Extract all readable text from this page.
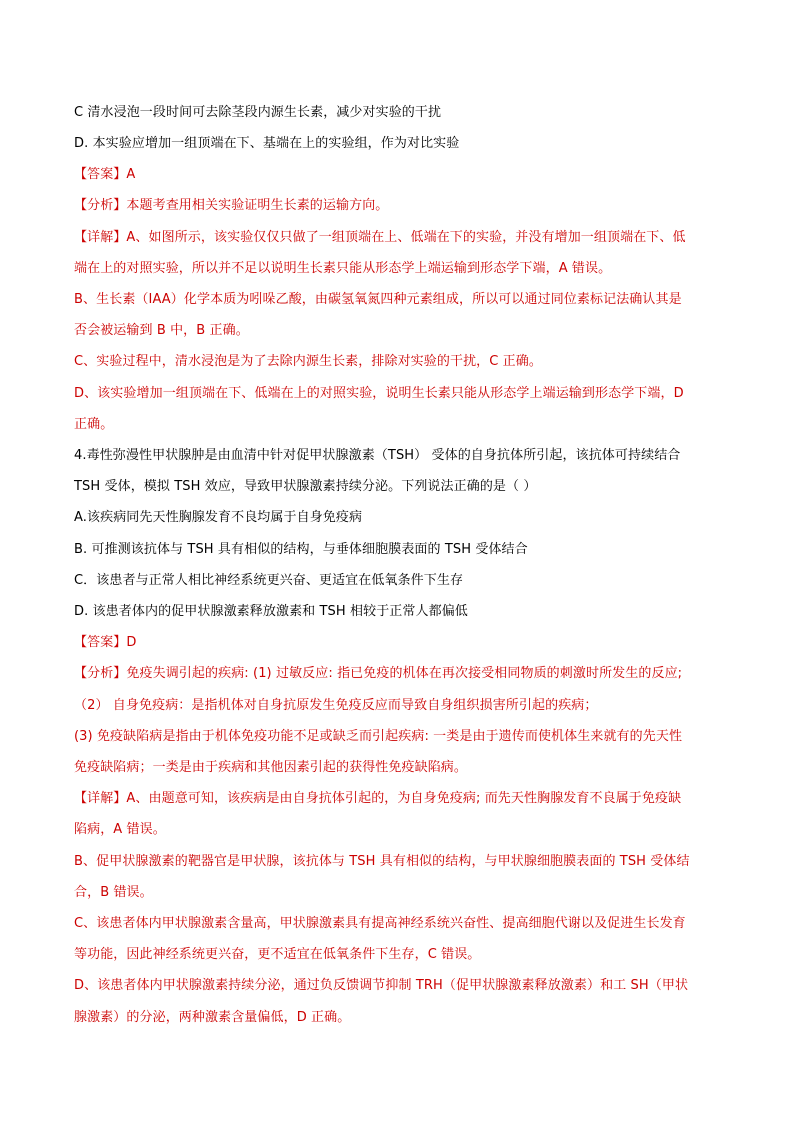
C 清水浸泡一段时间可去除茎段内源生长素，减少对实验的干扰
D. 本实验应增加一组顶端在下、基端在上的实验组，作为对比实验
【答案】A
【分析】本题考查用相关实验证明生长素的运输方向。
【详解】A、如图所示，该实验仅仅只做了一组顶端在上、低端在下的实验，并没有增加一组顶端在下、低
端在上的对照实验，所以并不足以说明生长素只能从形态学上端运输到形态学下端，A 错误。
B、生长素（IAA）化学本质为吲哚乙酸，由碳氢氧氮四种元素组成，所以可以通过同位素标记法确认其是
否会被运输到 B 中，B 正确。
C、实验过程中，清水浸泡是为了去除内源生长素，排除对实验的干扰，C 正确。
D、该实验增加一组顶端在下、低端在上的对照实验，说明生长素只能从形态学上端运输到形态学下端，D
正确。
4.毒性弥漫性甲状腺肿是由血清中针对促甲状腺激素（TSH） 受体的自身抗体所引起，该抗体可持续结合
TSH 受体，模拟 TSH 效应，导致甲状腺激素持续分泌。下列说法正确的是（ ）
A.该疾病同先天性胸腺发育不良均属于自身免疫病
B. 可推测该抗体与 TSH 具有相似的结构，与垂体细胞膜表面的 TSH 受体结合
C．该患者与正常人相比神经系统更兴奋、更适宜在低氧条件下生存
D. 该患者体内的促甲状腺激素释放激素和 TSH 相较于正常人都偏低
【答案】D
【分析】免疫失调引起的疾病: (1) 过敏反应: 指已免疫的机体在再次接受相同物质的刺激时所发生的反应;
（2） 自身免疫病：是指机体对自身抗原发生免疫反应而导致自身组织损害所引起的疾病；
(3) 免疫缺陷病是指由于机体免疫功能不足或缺乏而引起疾病: 一类是由于遗传而使机体生来就有的先天性
免疫缺陷病；一类是由于疾病和其他因素引起的获得性免疫缺陷病。
【详解】A、由题意可知，该疾病是由自身抗体引起的，为自身免疫病; 而先天性胸腺发育不良属于免疫缺
陷病，A 错误。
B、促甲状腺激素的靶器官是甲状腺，该抗体与 TSH 具有相似的结构，与甲状腺细胞膜表面的 TSH 受体结
合，B 错误。
C、该患者体内甲状腺激素含量高，甲状腺激素具有提高神经系统兴奋性、提高细胞代谢以及促进生长发育
等功能，因此神经系统更兴奋，更不适宜在低氧条件下生存，C 错误。
D、该患者体内甲状腺激素持续分泌，通过负反馈调节抑制 TRH（促甲状腺激素释放激素）和工 SH（甲状
腺激素）的分泌，两种激素含量偏低，D 正确。
